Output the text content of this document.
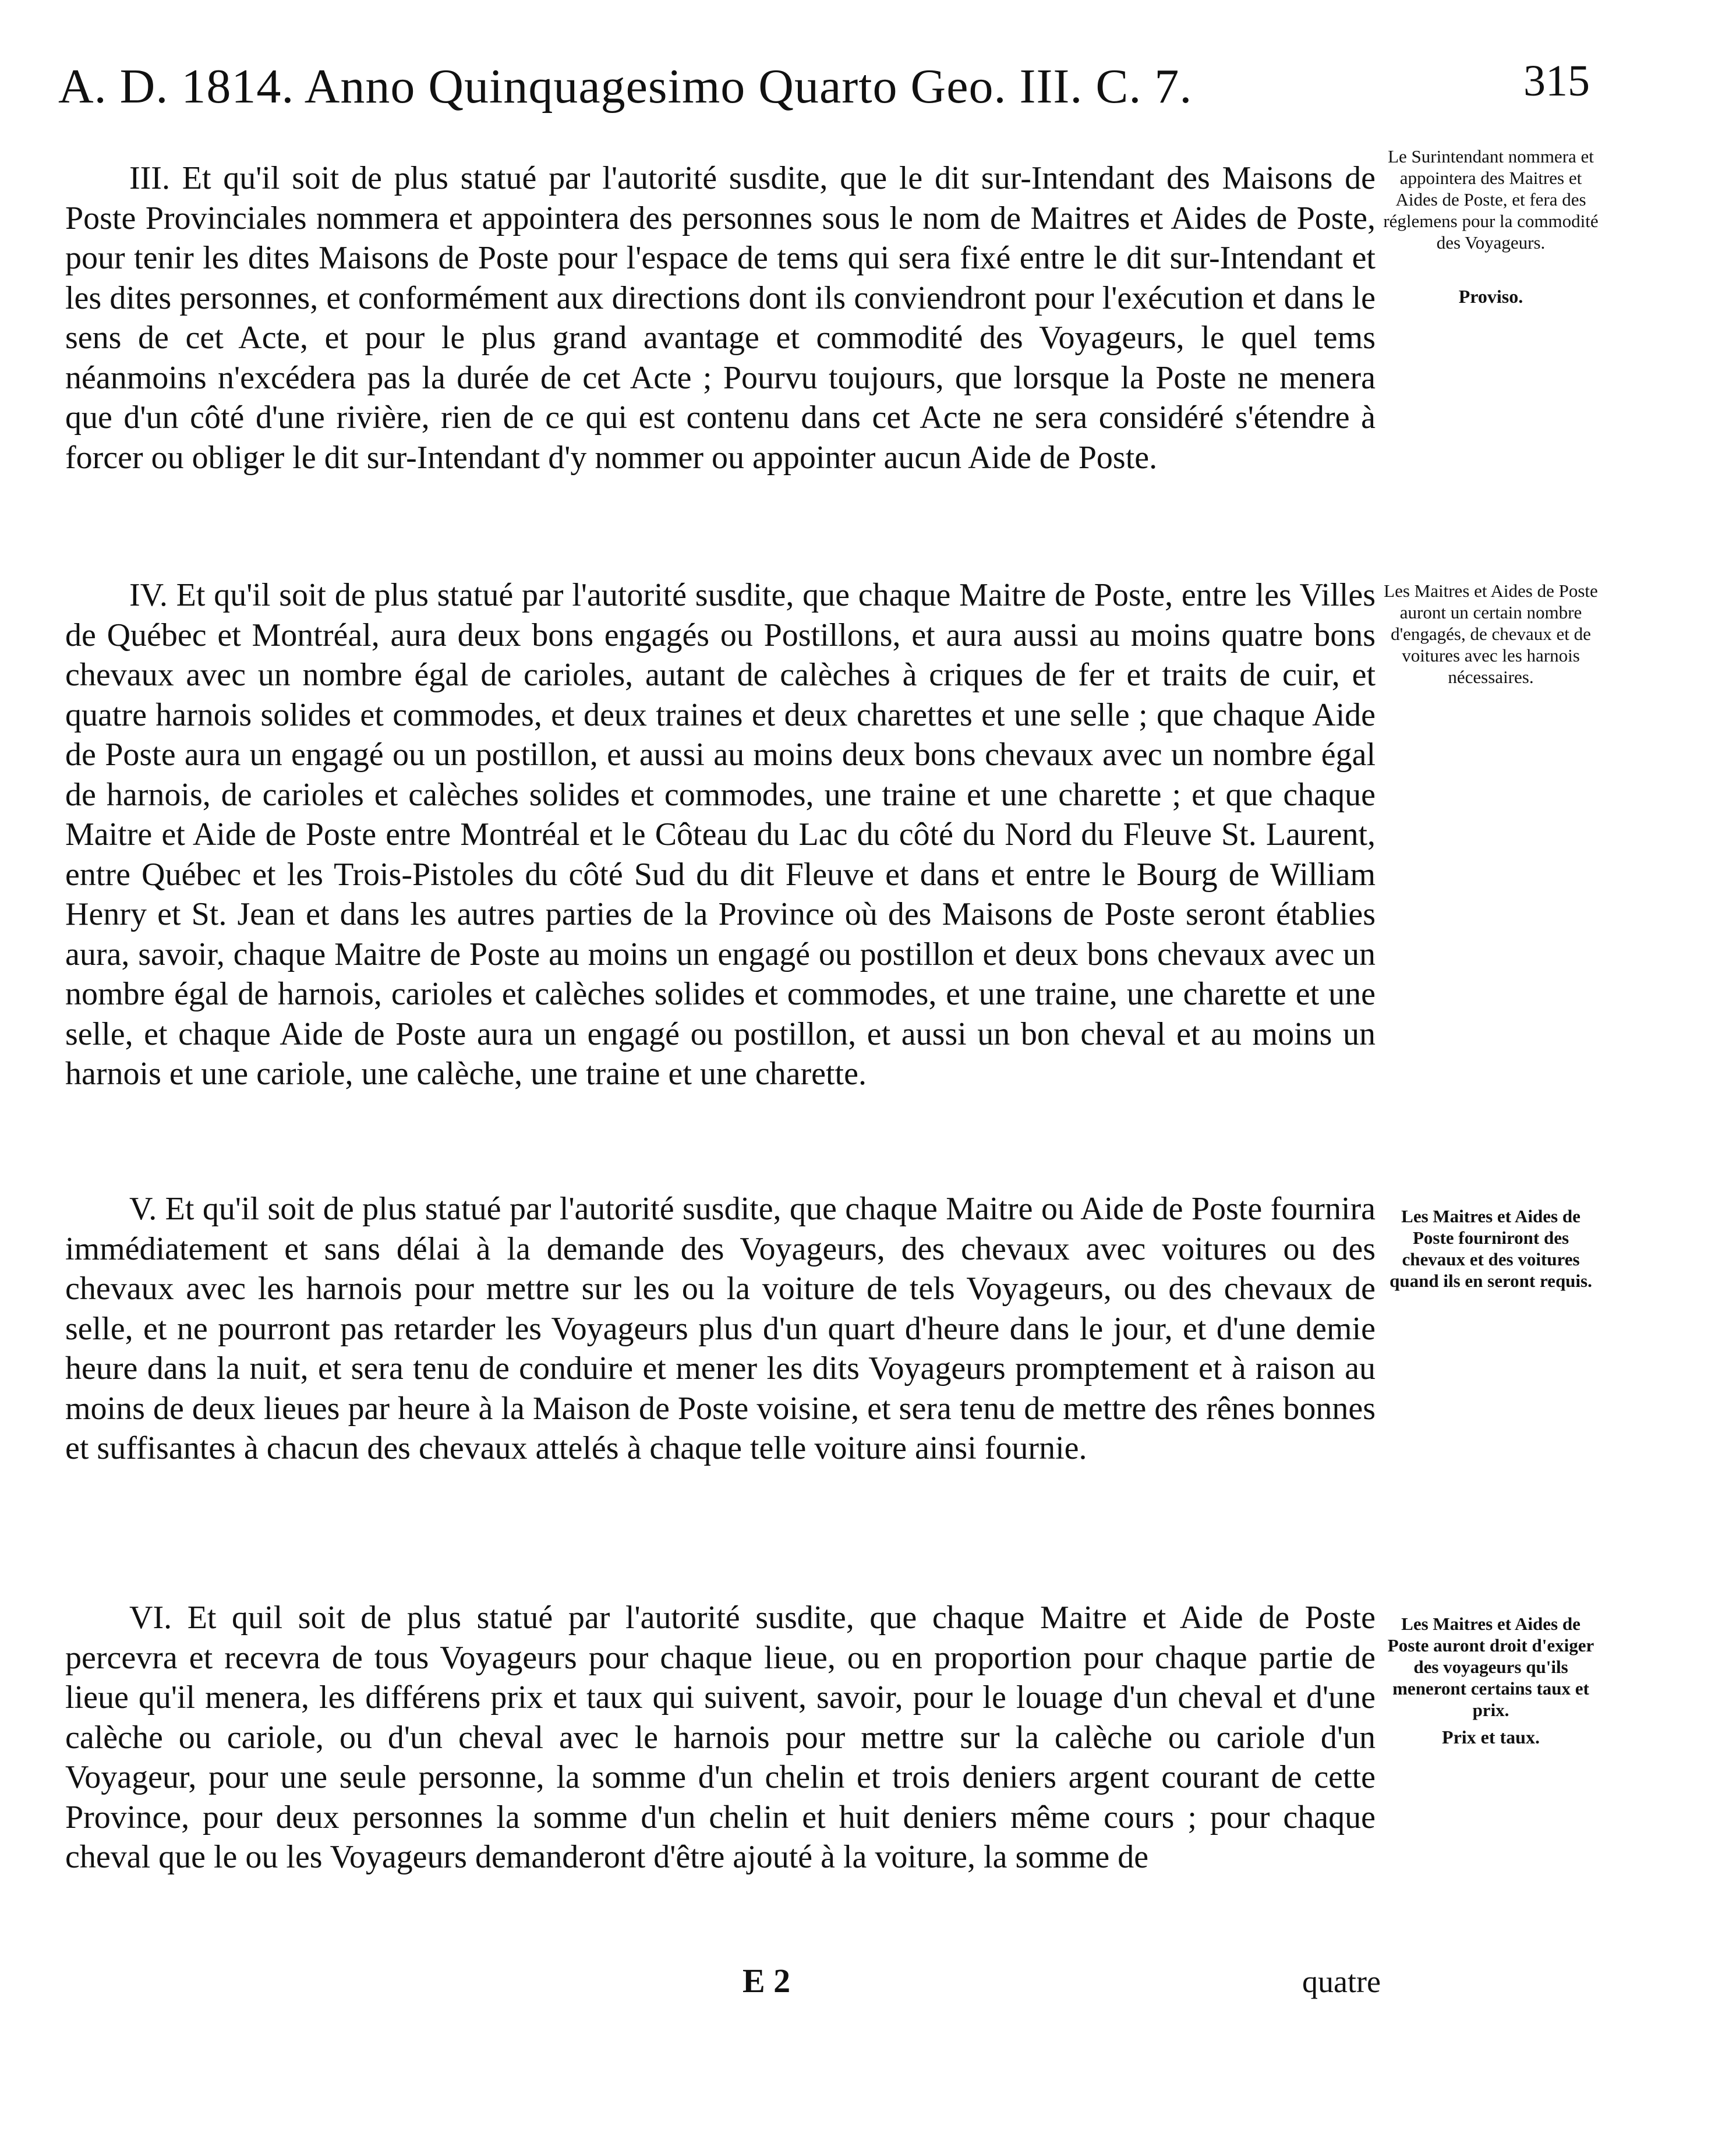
A. D. 1814. Anno Quinquagesimo Quarto Geo. III. C. 7.	315

III. Et qu'il soit de plus statué par l'autorité susdite, que le dit sur-Intendant des Maisons de Poste Provinciales nommera et appointera des personnes sous le nom de Maitres et Aides de Poste, pour tenir les dites Maisons de Poste pour l'espace de tems qui sera fixé entre le dit sur-Intendant et les dites personnes, et conformément aux directions dont ils conviendront pour l'exécution et dans le sens de cet Acte, et pour le plus grand avantage et commodité des Voyageurs, le quel tems néanmoins n'excédera pas la durée de cet Acte ; Pourvu toujours, que lorsque la Poste ne menera que d'un côté d'une rivière, rien de ce qui est contenu dans cet Acte ne sera considéré s'étendre à forcer ou obliger le dit sur-Intendant d'y nommer ou appointer aucun Aide de Poste.

Le Surintendant nommera et appointera des Maitres et Aides de Poste, et fera des réglemens pour la commodité des Voyageurs.

Proviso.

IV. Et qu'il soit de plus statué par l'autorité susdite, que chaque Maitre de Poste, entre les Villes de Québec et Montréal, aura deux bons engagés ou Postillons, et aura aussi au moins quatre bons chevaux avec un nombre égal de carioles, autant de calèches à criques de fer et traits de cuir, et quatre harnois solides et commodes, et deux traines et deux charettes et une selle ; que chaque Aide de Poste aura un engagé ou un postillon, et aussi au moins deux bons chevaux avec un nombre égal de harnois, de carioles et calèches solides et commodes, une traine et une charette ; et que chaque Maitre et Aide de Poste entre Montréal et le Côteau du Lac du côté du Nord du Fleuve St. Laurent, entre Québec et les Trois-Pistoles du côté Sud du dit Fleuve et dans et entre le Bourg de William Henry et St. Jean et dans les autres parties de la Province où des Maisons de Poste seront établies aura, savoir, chaque Maitre de Poste au moins un engagé ou postillon et deux bons chevaux avec un nombre égal de harnois, carioles et calèches solides et commodes, et une traine, une charette et une selle, et chaque Aide de Poste aura un engagé ou postillon, et aussi un bon cheval et au moins un harnois et une cariole, une calèche, une traine et une charette.

Les Maitres et Aides de Poste auront un certain nombre d'engagés, de chevaux et de voitures avec les harnois nécessaires.

V. Et qu'il soit de plus statué par l'autorité susdite, que chaque Maitre ou Aide de Poste fournira immédiatement et sans délai à la demande des Voyageurs, des chevaux avec voitures ou des chevaux avec les harnois pour mettre sur les ou la voiture de tels Voyageurs, ou des chevaux de selle, et ne pourront pas retarder les Voyageurs plus d'un quart d'heure dans le jour, et d'une demie heure dans la nuit, et sera tenu de conduire et mener les dits Voyageurs promptement et à raison au moins de deux lieues par heure à la Maison de Poste voisine, et sera tenu de mettre des rênes bonnes et suffisantes à chacun des chevaux attelés à chaque telle voiture ainsi fournie.

Les Maitres et Aides de Poste fourniront des chevaux et des voitures quand ils en seront requis.

VI. Et quil soit de plus statué par l'autorité susdite, que chaque Maitre et Aide de Poste percevra et recevra de tous Voyageurs pour chaque lieue, ou en proportion pour chaque partie de lieue qu'il menera, les différens prix et taux qui suivent, savoir, pour le louage d'un cheval et d'une calèche ou cariole, ou d'un cheval avec le harnois pour mettre sur la calèche ou cariole d'un Voyageur, pour une seule personne, la somme d'un chelin et trois deniers argent courant de cette Province, pour deux personnes la somme d'un chelin et huit deniers même cours ; pour chaque cheval que le ou les Voyageurs demanderont d'être ajouté à la voiture, la somme de

Les Maitres et Aides de Poste auront droit d'exiger des voyageurs qu'ils meneront certains taux et prix.

Prix et taux.

E 2	quatre
